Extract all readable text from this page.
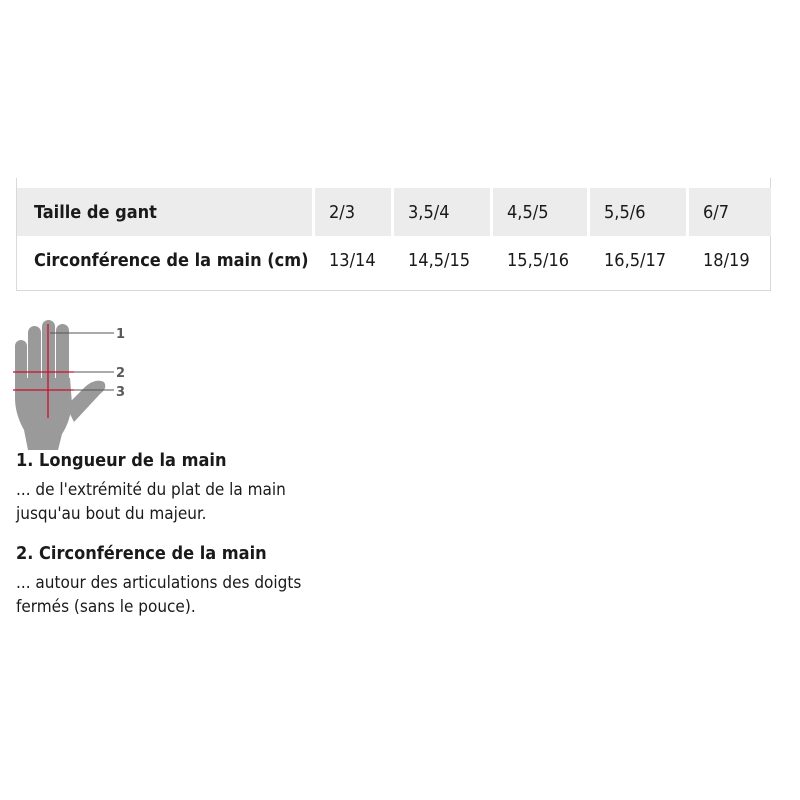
Taille de gant	2/3	3,5/4	4,5/5	5,5/6	6/7
Circonférence de la main (cm)	13/14	14,5/15	15,5/16	16,5/17	18/19
1
2
3
1. Longueur de la main
... de l'extrémité du plat de la main
jusqu'au bout du majeur.
2. Circonférence de la main
... autour des articulations des doigts
fermés (sans le pouce).
